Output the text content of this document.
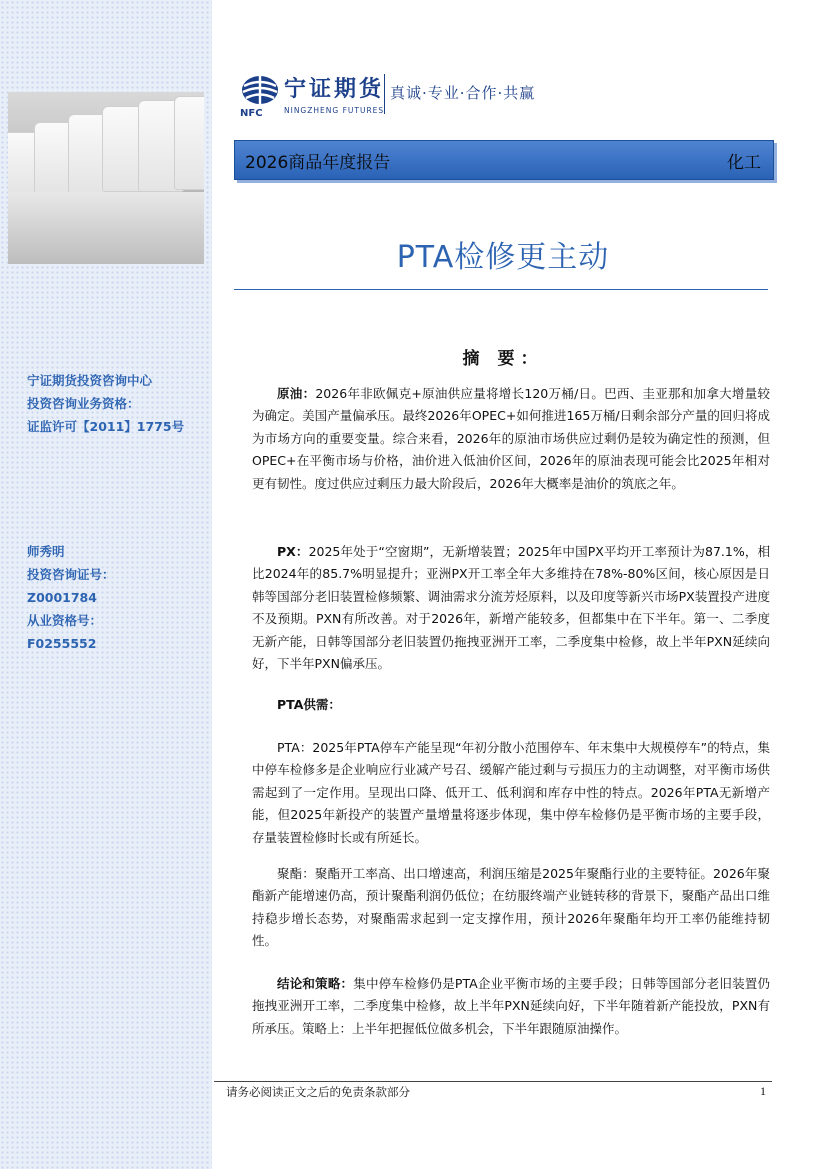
宁证期货投资咨询中心
投资咨询业务资格：
证监许可【2011】1775号
师秀明
投资咨询证号：
Z0001784
从业资格号：
F0255552
NFC
宁证期货
NINGZHENG FUTURES
真诚·专业·合作·共赢
2026商品年度报告	化工
PTA检修更主动
摘 要：
原油：2026年非欧佩克+原油供应量将增长120万桶/日。巴西、圭亚那和加拿大增量较为确定。美国产量偏承压。最终2026年OPEC+如何推进165万桶/日剩余部分产量的回归将成为市场方向的重要变量。综合来看，2026年的原油市场供应过剩仍是较为确定性的预测，但OPEC+在平衡市场与价格，油价进入低油价区间，2026年的原油表现可能会比2025年相对更有韧性。度过供应过剩压力最大阶段后，2026年大概率是油价的筑底之年。
PX：2025年处于“空窗期”，无新增装置；2025年中国PX平均开工率预计为87.1%，相比2024年的85.7%明显提升；亚洲PX开工率全年大多维持在78%-80%区间，核心原因是日韩等国部分老旧装置检修频繁、调油需求分流芳烃原料，以及印度等新兴市场PX装置投产进度不及预期。PXN有所改善。对于2026年，新增产能较多，但都集中在下半年。第一、二季度无新产能，日韩等国部分老旧装置仍拖拽亚洲开工率，二季度集中检修，故上半年PXN延续向好，下半年PXN偏承压。
PTA供需：
PTA：2025年PTA停车产能呈现“年初分散小范围停车、年末集中大规模停车”的特点，集中停车检修多是企业响应行业减产号召、缓解产能过剩与亏损压力的主动调整，对平衡市场供需起到了一定作用。呈现出口降、低开工、低利润和库存中性的特点。2026年PTA无新增产能，但2025年新投产的装置产量增量将逐步体现，集中停车检修仍是平衡市场的主要手段，存量装置检修时长或有所延长。
聚酯：聚酯开工率高、出口增速高，利润压缩是2025年聚酯行业的主要特征。2026年聚酯新产能增速仍高，预计聚酯利润仍低位；在纺服终端产业链转移的背景下，聚酯产品出口维持稳步增长态势，对聚酯需求起到一定支撑作用，预计2026年聚酯年均开工率仍能维持韧性。
结论和策略：集中停车检修仍是PTA企业平衡市场的主要手段；日韩等国部分老旧装置仍拖拽亚洲开工率，二季度集中检修，故上半年PXN延续向好，下半年随着新产能投放，PXN有所承压。策略上：上半年把握低位做多机会，下半年跟随原油操作。
请务必阅读正文之后的免责条款部分	1
